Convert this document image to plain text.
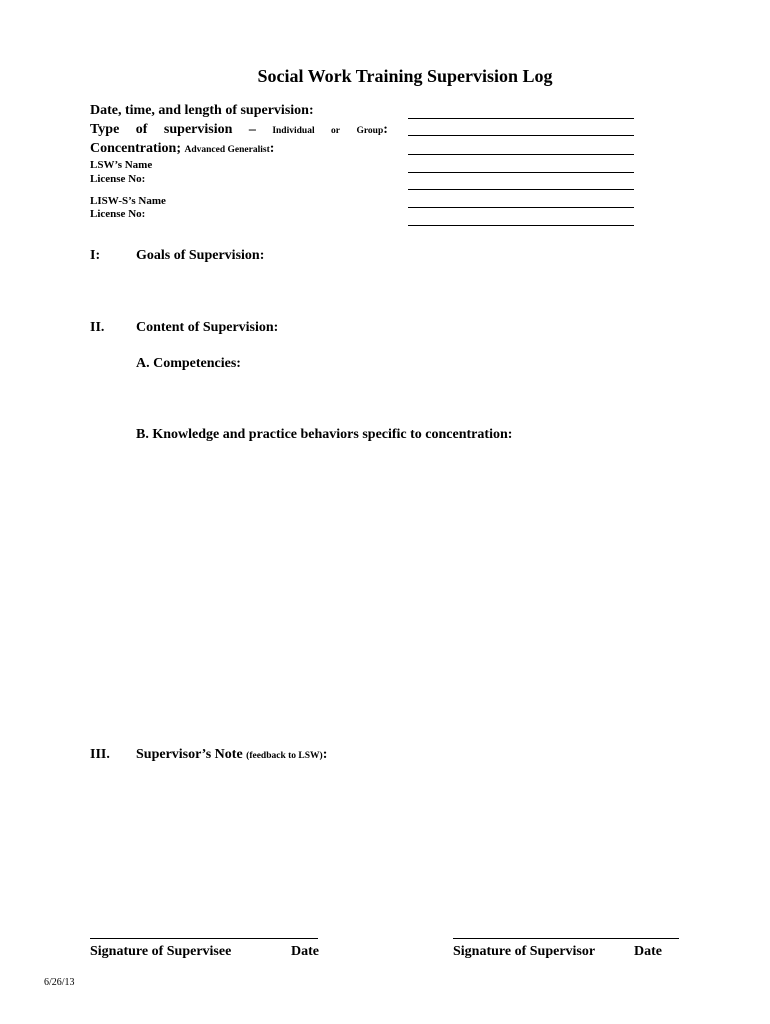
Social Work Training Supervision Log
Date, time, and length of supervision:
Type of supervision – Individual or Group:
Concentration; Advanced Generalist:
LSW’s Name
License No:
LISW-S’s Name
License No:
I:	Goals of Supervision:
II. Content of Supervision:
A. Competencies:
B. Knowledge and practice behaviors specific to concentration:
III. Supervisor’s Note (feedback to LSW):
Signature of Supervisee	Date	Signature of Supervisor	Date
6/26/13
